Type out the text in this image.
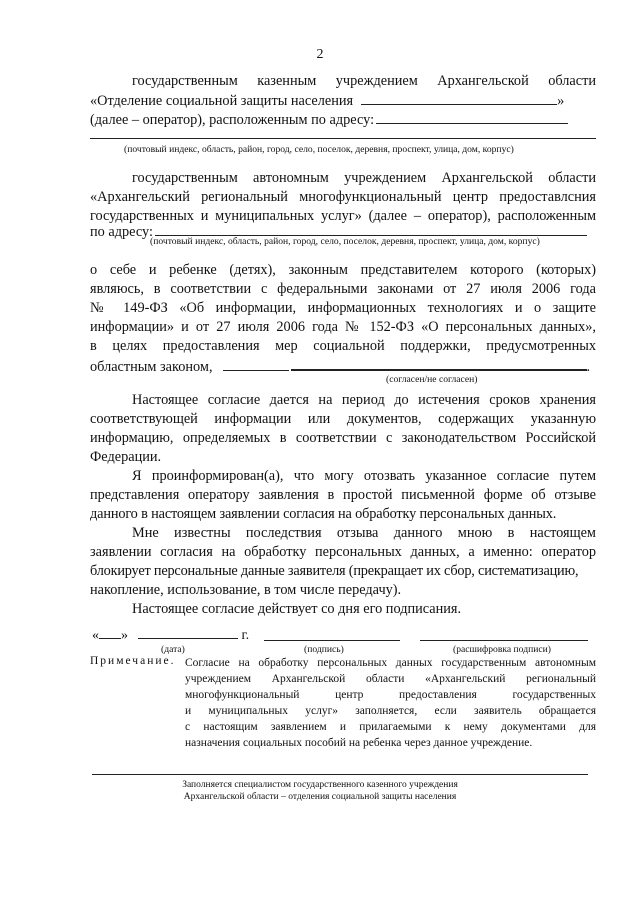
2
государственным казенным учреждением Архангельской области
«Отделение социальной защиты населения	»
(далее – оператор), расположенным по адресу:
(почтовый индекс, область, район, город, село, поселок, деревня, проспект, улица, дом, корпус)
государственным автономным учреждением Архангельской области
«Архангельский региональный многофункциональный центр предоставлсния
государственных и муниципальных услуг» (далее – оператор), расположенным
по адресу:
(почтовый индекс, область, район, город, село, поселок, деревня, проспект, улица, дом, корпус)
о себе и ребенке (детях), законным представителем которого (которых)
являюсь, в соответствии с федеральными законами от 27 июля 2006 года
№ 149-ФЗ «Об информации, информационных технологиях и о защите
информации» и от 27 июля 2006 года № 152-ФЗ «О персональных данных»,
в целях предоставления мер социальной поддержки, предусмотренных
областным законом,	.
(согласен/не согласен)
Настоящее согласие дается на период до истечения сроков хранения
соответствующей информации или документов, содержащих указанную
информацию, определяемых в соответствии с законодательством Российской
Федерации.
Я проинформирован(а), что могу отозвать указанное согласие путем
представления оператору заявления в простой письменной форме об отзыве
данного в настоящем заявлении согласия на обработку персональных данных.
Мне известны последствия отзыва данного мною в настоящем
заявлении согласия на обработку персональных данных, а именно: оператор
блокирует персональные данные заявителя (прекращает их сбор, систематизацию,
накопление, использование, в том числе передачу).
Настоящее согласие действует со дня его подписания.
« »	г.
(дата)	(подпись)	(расшифровка подписи)
Примечание. Согласие на обработку персональных данных государственным автономным
учреждением Архангельской области «Архангельский региональный
многофункциональный центр предоставления государственных
и муниципальных услуг» заполняется, если заявитель обращается
с настоящим заявлением и прилагаемыми к нему документами для
назначения социальных пособий на ребенка через данное учреждение.
Заполняется специалистом государственного казенного учреждения
Архангельской области – отделения социальной защиты населения
